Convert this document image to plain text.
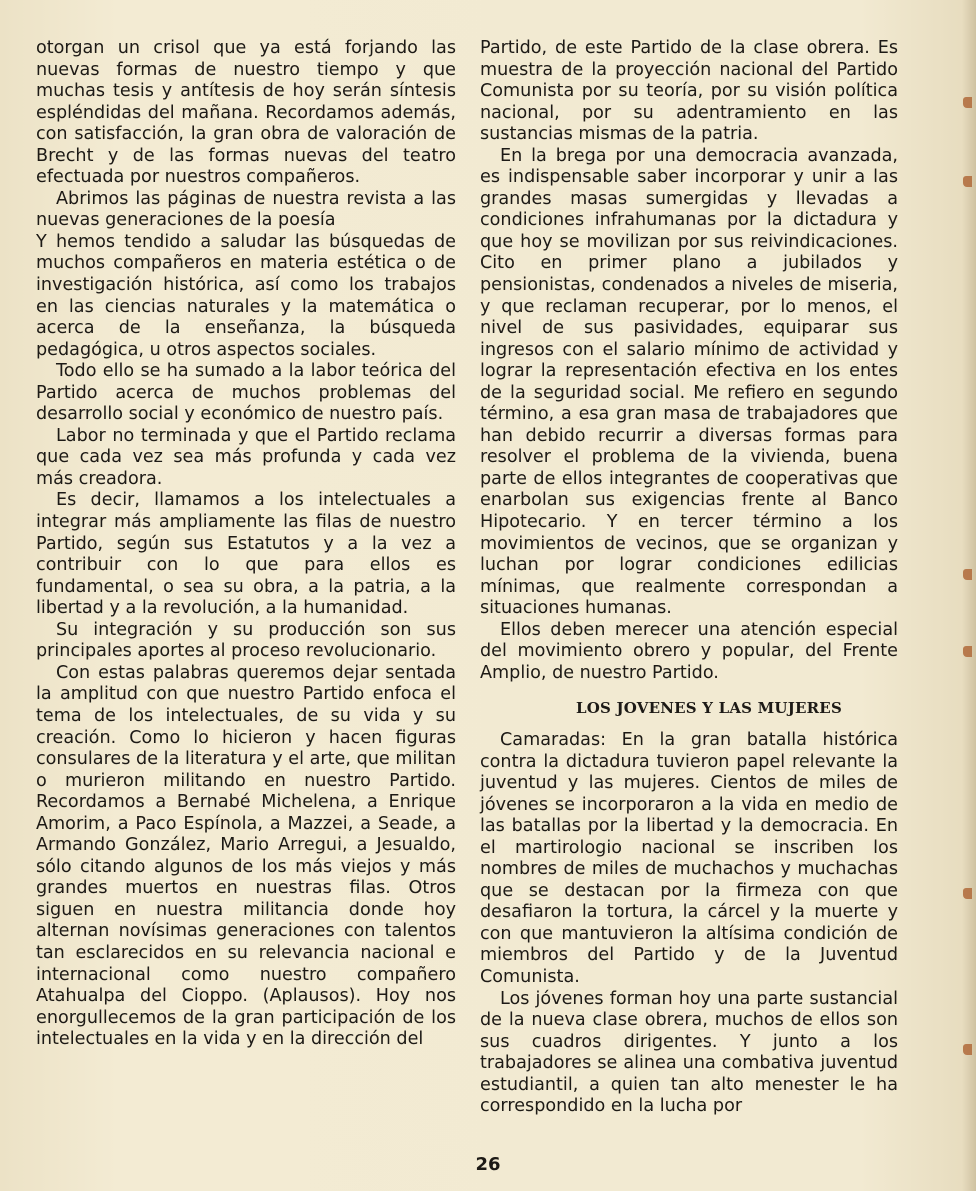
otorgan un crisol que ya está forjando las nuevas formas de nuestro tiempo y que muchas tesis y antítesis de hoy serán síntesis espléndidas del mañana. Recordamos además, con satisfacción, la gran obra de valoración de Brecht y de las formas nuevas del teatro efectuada por nuestros compañeros.

Abrimos las páginas de nuestra revista a las nuevas generaciones de la poesía

Y hemos tendido a saludar las búsquedas de muchos compañeros en materia estética o de investigación histórica, así como los trabajos en las ciencias naturales y la matemática o acerca de la enseñanza, la búsqueda pedagógica, u otros aspectos sociales.

Todo ello se ha sumado a la labor teórica del Partido acerca de muchos problemas del desarrollo social y económico de nuestro país.

Labor no terminada y que el Partido reclama que cada vez sea más profunda y cada vez más creadora.

Es decir, llamamos a los intelectuales a integrar más ampliamente las filas de nuestro Partido, según sus Estatutos y a la vez a contribuir con lo que para ellos es fundamental, o sea su obra, a la patria, a la libertad y a la revolución, a la humanidad.

Su integración y su producción son sus principales aportes al proceso revolucionario.

Con estas palabras queremos dejar sentada la amplitud con que nuestro Partido enfoca el tema de los intelectuales, de su vida y su creación. Como lo hicieron y hacen figuras consulares de la literatura y el arte, que militan o murieron militando en nuestro Partido. Recordamos a Bernabé Michelena, a Enrique Amorim, a Paco Espínola, a Mazzei, a Seade, a Armando González, Mario Arregui, a Jesualdo, sólo citando algunos de los más viejos y más grandes muertos en nuestras filas. Otros siguen en nuestra militancia donde hoy alternan novísimas generaciones con talentos tan esclarecidos en su relevancia nacional e internacional como nuestro compañero Atahualpa del Cioppo. (Aplausos). Hoy nos enorgullecemos de la gran participación de los intelectuales en la vida y en la dirección del

Partido, de este Partido de la clase obrera. Es muestra de la proyección nacional del Partido Comunista por su teoría, por su visión política nacional, por su adentramiento en las sustancias mismas de la patria.

En la brega por una democracia avanzada, es indispensable saber incorporar y unir a las grandes masas sumergidas y llevadas a condiciones infrahumanas por la dictadura y que hoy se movilizan por sus reivindicaciones. Cito en primer plano a jubilados y pensionistas, condenados a niveles de miseria, y que reclaman recuperar, por lo menos, el nivel de sus pasividades, equiparar sus ingresos con el salario mínimo de actividad y lograr la representación efectiva en los entes de la seguridad social. Me refiero en segundo término, a esa gran masa de trabajadores que han debido recurrir a diversas formas para resolver el problema de la vivienda, buena parte de ellos integrantes de cooperativas que enarbolan sus exigencias frente al Banco Hipotecario. Y en tercer término a los movimientos de vecinos, que se organizan y luchan por lograr condiciones edilicias mínimas, que realmente correspondan a situaciones humanas.

Ellos deben merecer una atención especial del movimiento obrero y popular, del Frente Amplio, de nuestro Partido.

LOS JOVENES Y LAS MUJERES

Camaradas: En la gran batalla histórica contra la dictadura tuvieron papel relevante la juventud y las mujeres. Cientos de miles de jóvenes se incorporaron a la vida en medio de las batallas por la libertad y la democracia. En el martirologio nacional se inscriben los nombres de miles de muchachos y muchachas que se destacan por la firmeza con que desafiaron la tortura, la cárcel y la muerte y con que mantuvieron la altísima condición de miembros del Partido y de la Juventud Comunista.

Los jóvenes forman hoy una parte sustancial de la nueva clase obrera, muchos de ellos son sus cuadros dirigentes. Y junto a los trabajadores se alinea una combativa juventud estudiantil, a quien tan alto menester le ha correspondido en la lucha por

26
